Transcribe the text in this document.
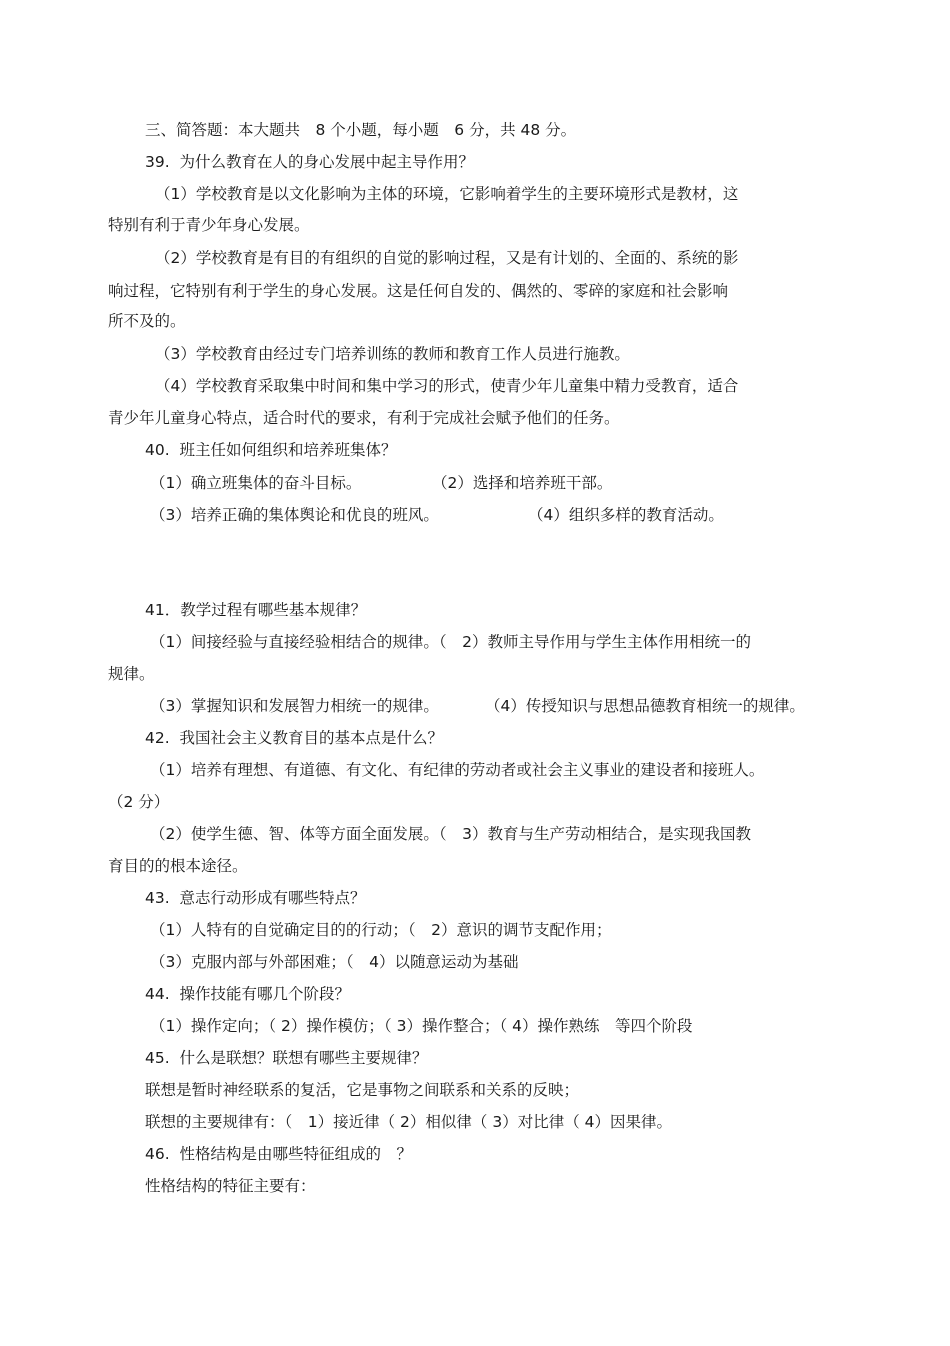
三、简答题：本大题共　8 个小题，每小题　6 分，共 48 分。
39.  为什么教育在人的身心发展中起主导作用？
（1）学校教育是以文化影响为主体的环境，它影响着学生的主要环境形式是教材，这
特别有利于青少年身心发展。
（2）学校教育是有目的有组织的自觉的影响过程，又是有计划的、全面的、系统的影
响过程，它特别有利于学生的身心发展。这是任何自发的、偶然的、零碎的家庭和社会影响
所不及的。
（3）学校教育由经过专门培养训练的教师和教育工作人员进行施教。
（4）学校教育采取集中时间和集中学习的形式，使青少年儿童集中精力受教育，适合
青少年儿童身心特点，适合时代的要求，有利于完成社会赋予他们的任务。
40.  班主任如何组织和培养班集体？
（1）确立班集体的奋斗目标。	（2）选择和培养班干部。
（3）培养正确的集体舆论和优良的班风。	（4）组织多样的教育活动。
41．教学过程有哪些基本规律？
（1）间接经验与直接经验相结合的规律。（　2）教师主导作用与学生主体作用相统一的
规律。
（3）掌握知识和发展智力相统一的规律。	（4）传授知识与思想品德教育相统一的规律。
42.  我国社会主义教育目的基本点是什么？
（1）培养有理想、有道德、有文化、有纪律的劳动者或社会主义事业的建设者和接班人。
（2 分）
（2）使学生德、智、体等方面全面发展。（　3）教育与生产劳动相结合，是实现我国教
育目的的根本途径。
43.  意志行动形成有哪些特点？
（1）人特有的自觉确定目的的行动；（　2）意识的调节支配作用；
（3）克服内部与外部困难；（　4）以随意运动为基础
44.  操作技能有哪几个阶段？
（1）操作定向；（ 2）操作模仿；（ 3）操作整合；（ 4）操作熟练　等四个阶段
45.  什么是联想？联想有哪些主要规律？
联想是暂时神经联系的复活，它是事物之间联系和关系的反映；
联想的主要规律有：（　1）接近律（ 2）相似律（ 3）对比律（ 4）因果律。
46.  性格结构是由哪些特征组成的　？
性格结构的特征主要有：
